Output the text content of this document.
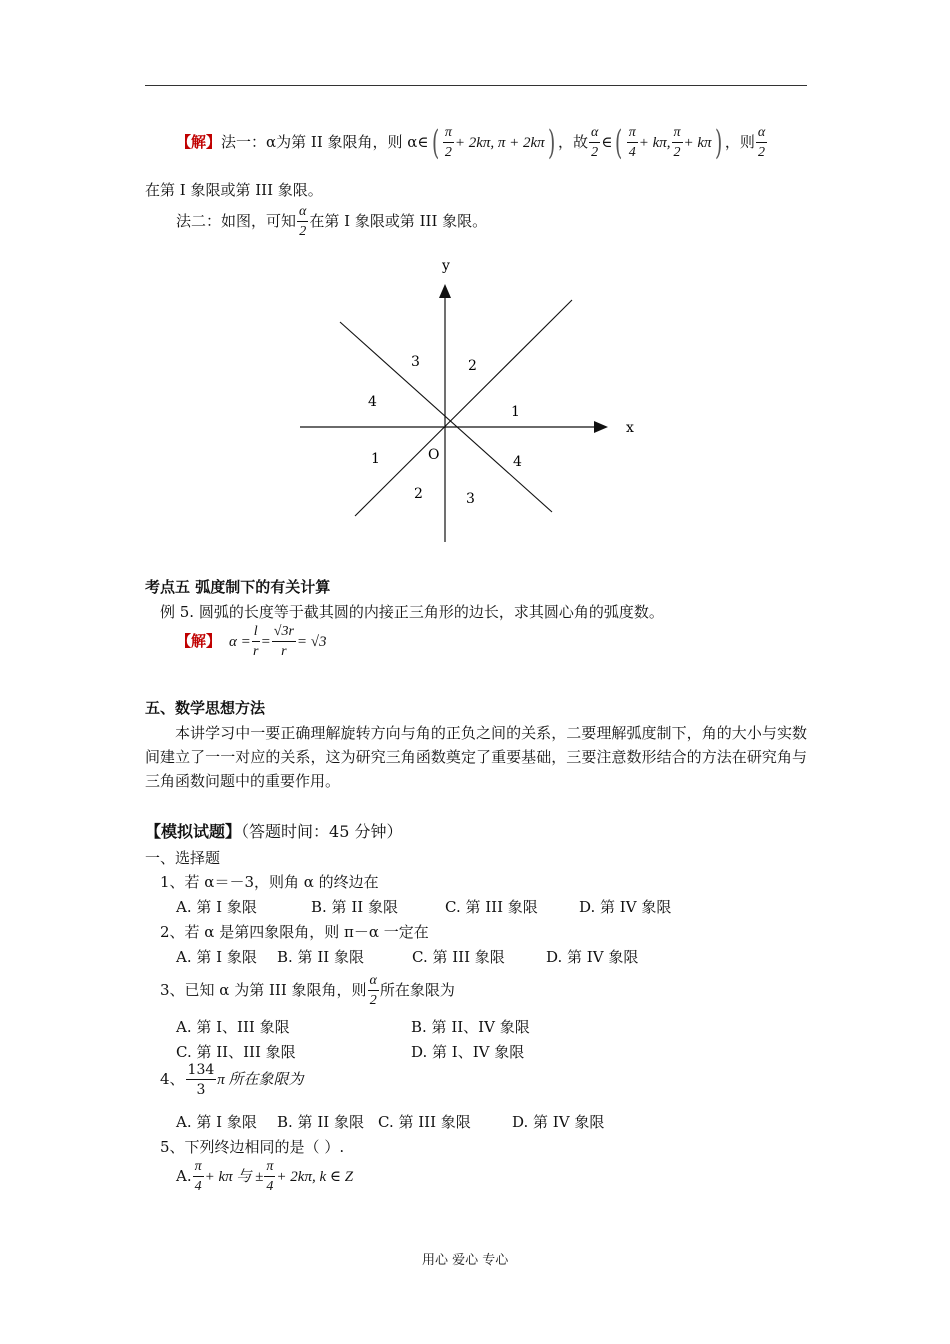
【解】法一：α为第 II 象限角，则 α∈( $\frac{\pi}{2} + 2k\pi$, π + 2kπ) ，故 $\frac{\alpha}{2}$ ∈( $\frac{\pi}{4} + k\pi$, $\frac{\pi}{2} + k\pi$) ，则 $\frac{\alpha}{2}$
在第 I 象限或第 III 象限。
法二：如图，可知 $\frac{\alpha}{2}$ 在第 I 象限或第 III 象限。
x
y
O
3	2
4
1
1	4
2	3
考点五 弧度制下的有关计算
例 5. 圆弧的长度等于截其圆的内接正三角形的边长，求其圆心角的弧度数。
【解】 $\alpha = \frac{l}{r} = \frac{√3r}{r} = √3$
五、数学思想方法
本讲学习中一要正确理解旋转方向与角的正负之间的关系，二要理解弧度制下，角的大小与实数间建立了一一对应的关系，这为研究三角函数奠定了重要基础，三要注意数形结合的方法在研究角与三角函数问题中的重要作用。
【模拟试题】（答题时间：45 分钟）
一、选择题
1、若 α＝－3，则角 α 的终边在
A. 第 I 象限	B. 第 II 象限	C. 第 III 象限	D. 第 IV 象限
2、若 α 是第四象限角，则 π－α 一定在
A. 第 I 象限 B. 第 II 象限	C. 第 III 象限	D. 第 IV 象限
3、已知 α 为第 III 象限角，则 $\frac{\alpha}{2}$ 所在象限为
A. 第 I、III 象限	B. 第 II、IV 象限
C. 第 II、III 象限	D. 第 I、IV 象限
4、 $\frac{134}{3}$ π 所在象限为
A. 第 I 象限 B. 第 II 象限 C. 第 III 象限	D. 第 IV 象限
5、下列终边相同的是（ ）.
A. $\frac{\pi}{4} + k\pi$ 与 ± $\frac{\pi}{4} + 2k\pi$, k ∈ Z
用心 爱心 专心
